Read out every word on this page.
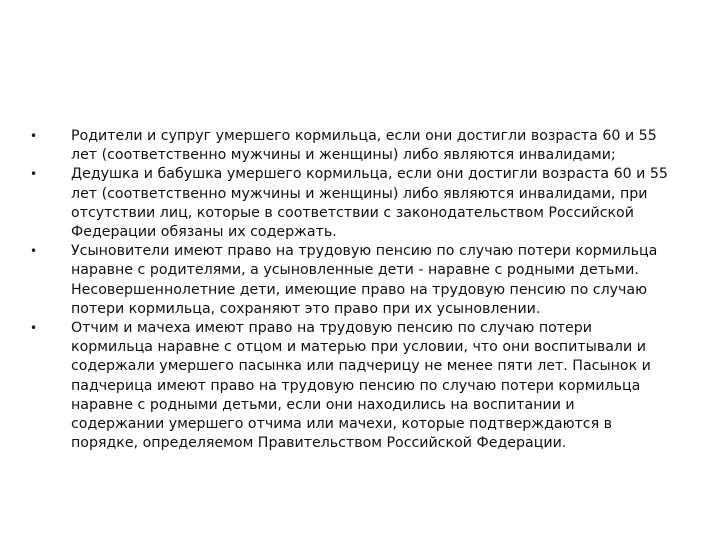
• Родители и супруг умершего кормильца, если они достигли возраста 60 и 55 лет (соответственно мужчины и женщины) либо являются инвалидами;
• Дедушка и бабушка умершего кормильца, если они достигли возраста 60 и 55 лет (соответственно мужчины и женщины) либо являются инвалидами, при отсутствии лиц, которые в соответствии с законодательством Российской Федерации обязаны их содержать.
• Усыновители имеют право на трудовую пенсию по случаю потери кормильца наравне с родителями, а усыновленные дети - наравне с родными детьми. Несовершеннолетние дети, имеющие право на трудовую пенсию по случаю потери кормильца, сохраняют это право при их усыновлении.
• Отчим и мачеха имеют право на трудовую пенсию по случаю потери кормильца наравне с отцом и матерью при условии, что они воспитывали и содержали умершего пасынка или падчерицу не менее пяти лет. Пасынок и падчерица имеют право на трудовую пенсию по случаю потери кормильца наравне с родными детьми, если они находились на воспитании и содержании умершего отчима или мачехи, которые подтверждаются в порядке, определяемом Правительством Российской Федерации.
